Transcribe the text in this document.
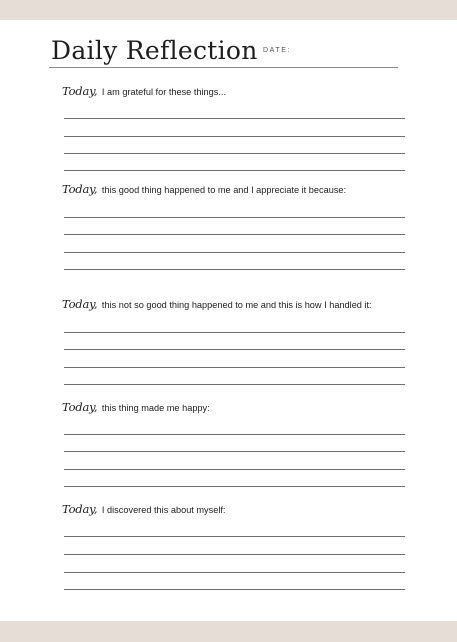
Daily Reflection DATE:
Today, I am grateful for these things...
Today, this good thing happened to me and I appreciate it because:
Today, this not so good thing happened to me and this is how I handled it:
Today, this thing made me happy:
Today, I discovered this about myself:
